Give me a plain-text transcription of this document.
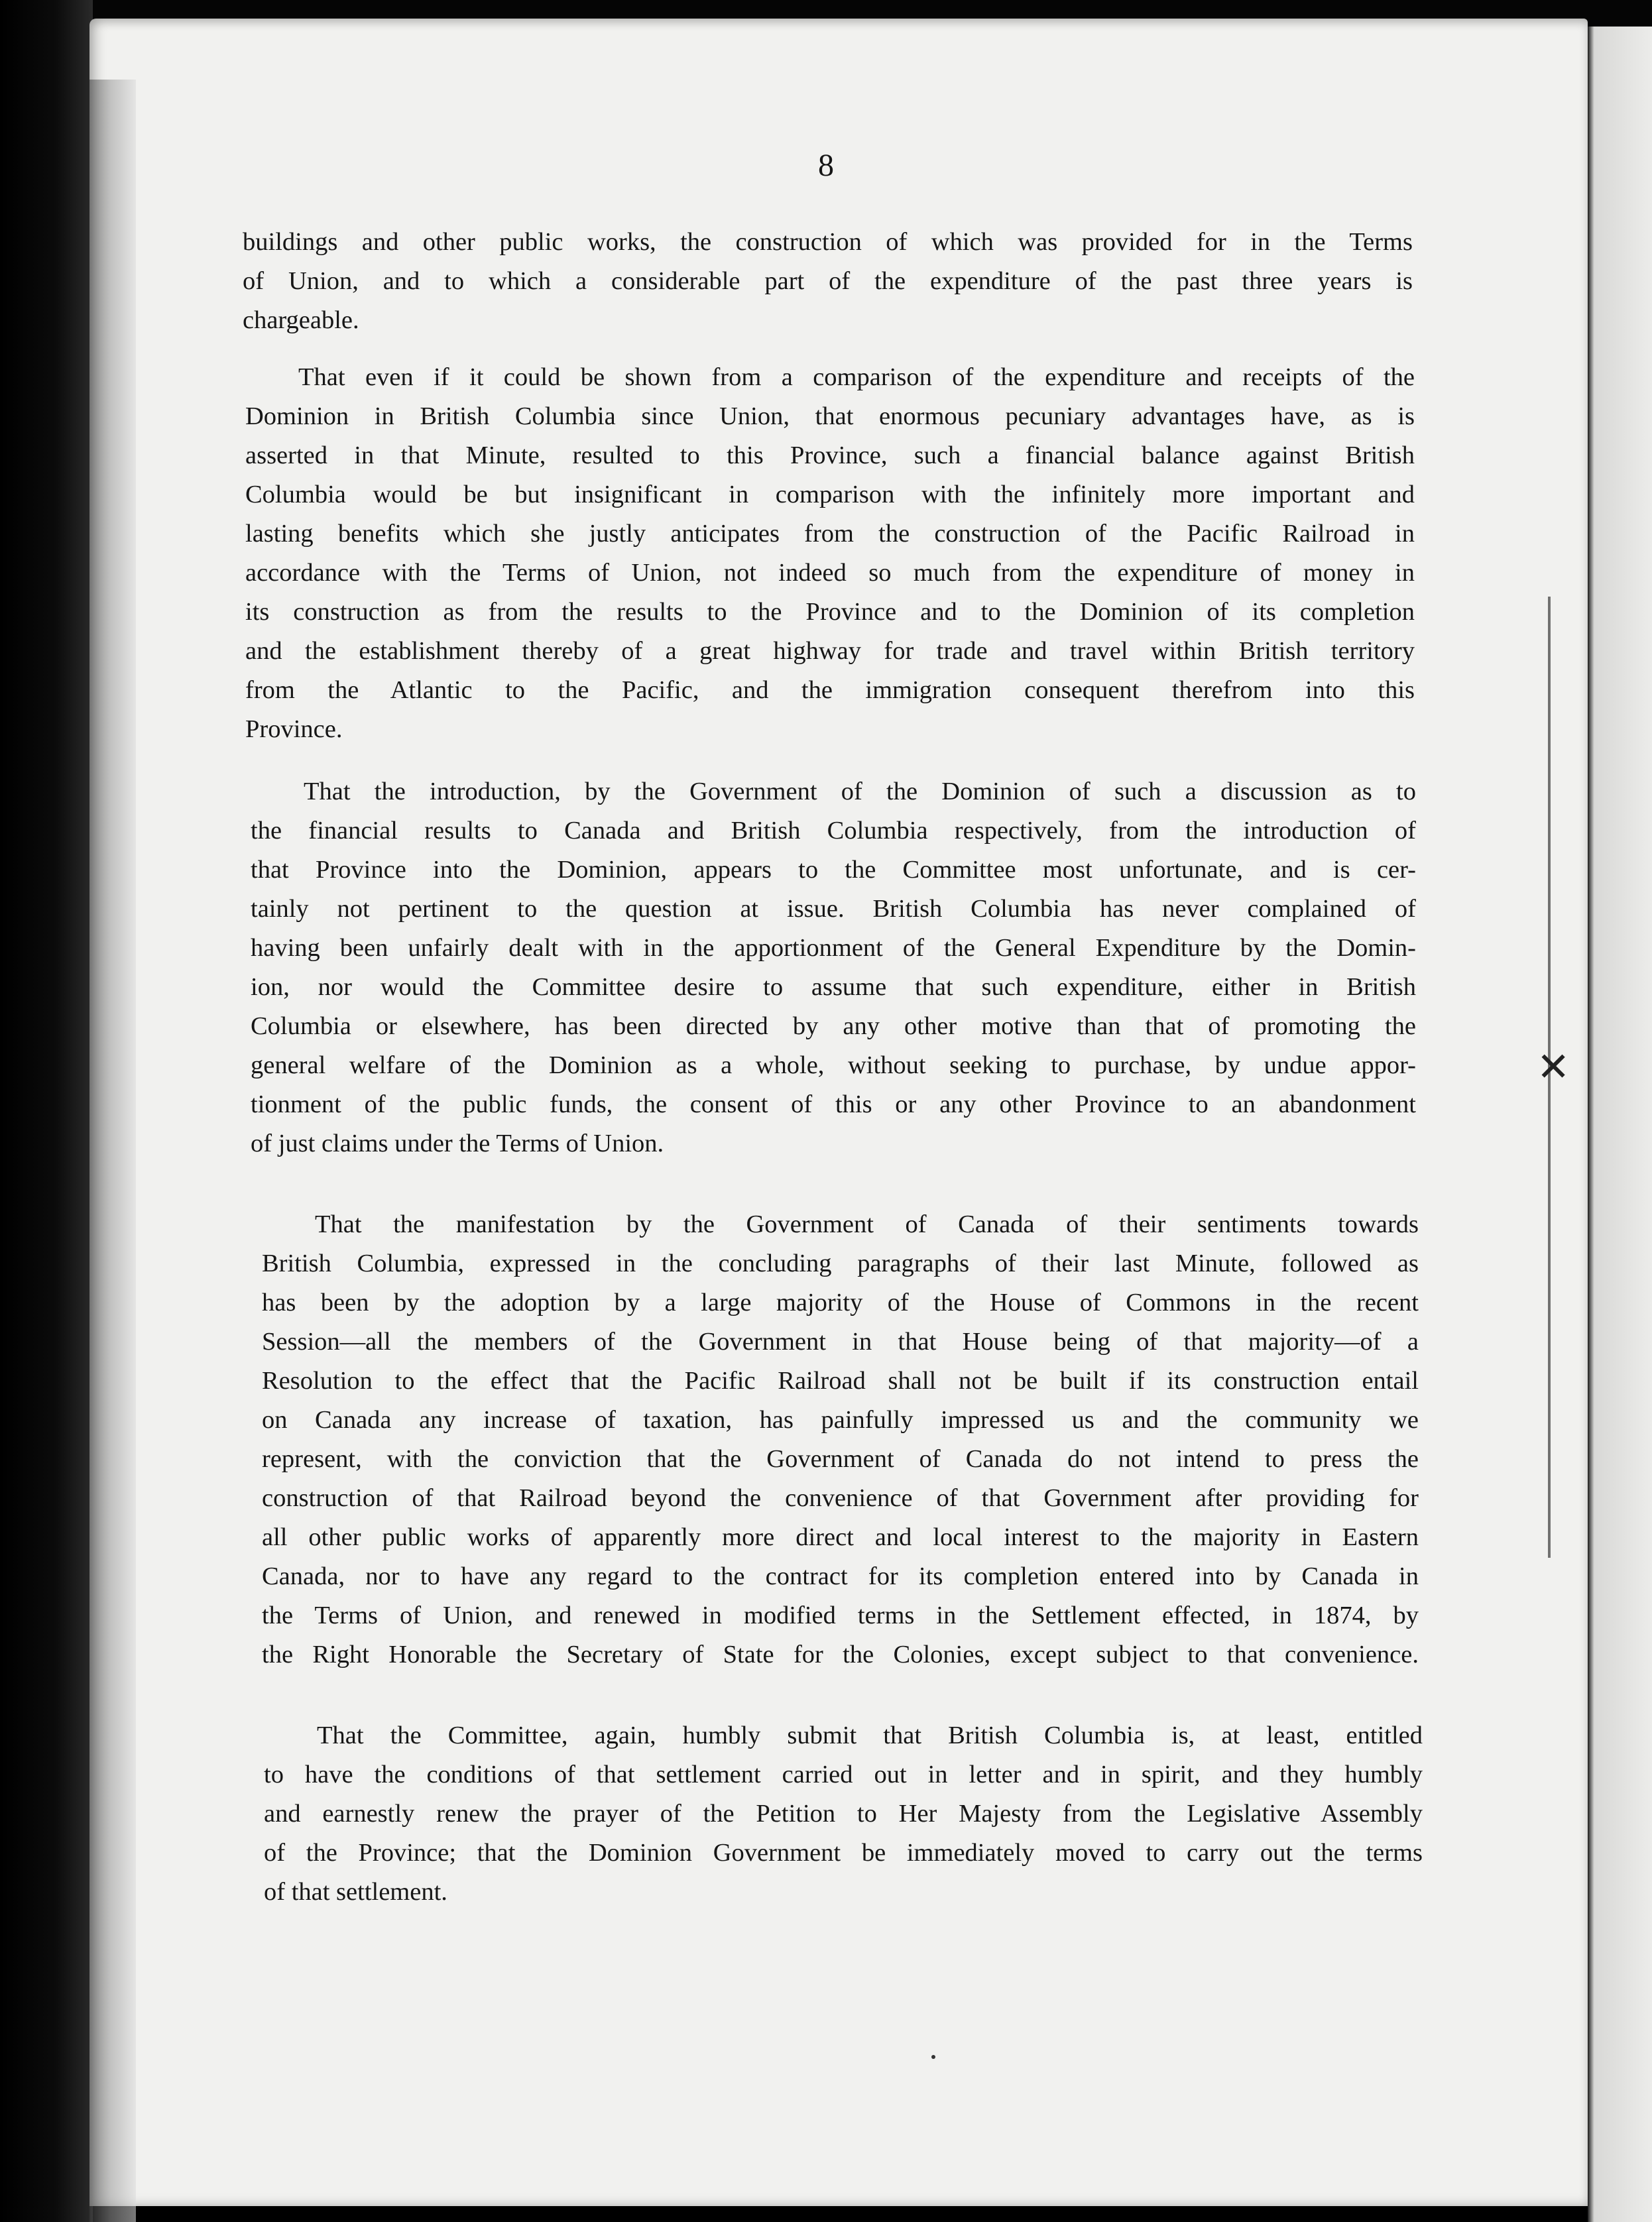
✕
8
buildings and other public works, the construction of which was provided for in the Terms
of Union, and to which a considerable part of the expenditure of the past three years is
chargeable.
That even if it could be shown from a comparison of the expenditure and receipts of the
Dominion in British Columbia since Union, that enormous pecuniary advantages have, as is
asserted in that Minute, resulted to this Province, such a financial balance against British
Columbia would be but insignificant in comparison with the infinitely more important and
lasting benefits which she justly anticipates from the construction of the Pacific Railroad in
accordance with the Terms of Union, not indeed so much from the expenditure of money in
its construction as from the results to the Province and to the Dominion of its completion
and the establishment thereby of a great highway for trade and travel within British territory
from the Atlantic to the Pacific, and the immigration consequent therefrom into this
Province.
That the introduction, by the Government of the Dominion of such a discussion as to
the financial results to Canada and British Columbia respectively, from the introduction of
that Province into the Dominion, appears to the Committee most unfortunate, and is cer-
tainly not pertinent to the question at issue. British Columbia has never complained of
having been unfairly dealt with in the apportionment of the General Expenditure by the Domin-
ion, nor would the Committee desire to assume that such expenditure, either in British
Columbia or elsewhere, has been directed by any other motive than that of promoting the
general welfare of the Dominion as a whole, without seeking to purchase, by undue appor-
tionment of the public funds, the consent of this or any other Province to an abandonment
of just claims under the Terms of Union.
That the manifestation by the Government of Canada of their sentiments towards
British Columbia, expressed in the concluding paragraphs of their last Minute, followed as
has been by the adoption by a large majority of the House of Commons in the recent
Session—all the members of the Government in that House being of that majority—of a
Resolution to the effect that the Pacific Railroad shall not be built if its construction entail
on Canada any increase of taxation, has painfully impressed us and the community we
represent, with the conviction that the Government of Canada do not intend to press the
construction of that Railroad beyond the convenience of that Government after providing for
all other public works of apparently more direct and local interest to the majority in Eastern
Canada, nor to have any regard to the contract for its completion entered into by Canada in
the Terms of Union, and renewed in modified terms in the Settlement effected, in 1874, by
the Right Honorable the Secretary of State for the Colonies, except subject to that convenience.
That the Committee, again, humbly submit that British Columbia is, at least, entitled
to have the conditions of that settlement carried out in letter and in spirit, and they humbly
and earnestly renew the prayer of the Petition to Her Majesty from the Legislative Assembly
of the Province; that the Dominion Government be immediately moved to carry out the terms
of that settlement.
